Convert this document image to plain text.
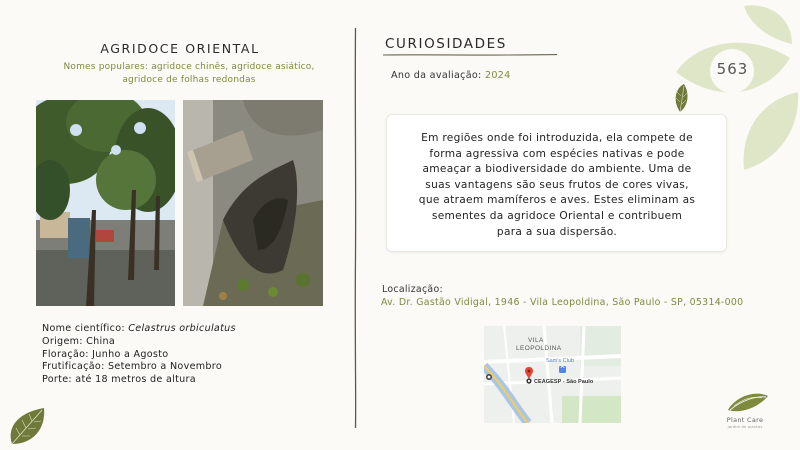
563
AGRIDOCE ORIENTAL
Nomes populares: agridoce chinês, agridoce asiático,
agridoce de folhas redondas
Nome científico: Celastrus orbiculatus
Origem: China
Floração: Junho a Agosto
Frutificação: Setembro a Novembro
Porte: até 18 metros de altura
CURIOSIDADES
Ano da avaliação: 2024
Em regiões onde foi introduzida, ela compete de
forma agressiva com espécies nativas e pode
ameaçar a biodiversidade do ambiente. Uma de
suas vantagens são seus frutos de cores vivas,
que atraem mamíferos e aves. Estes eliminam as
sementes da agridoce Oriental e contribuem
para a sua dispersão.
Localização:
Av. Dr. Gastão Vidigal, 1946 - Vila Leopoldina, São Paulo - SP, 05314-000
VILA
LEOPOLDINA
Sam's Club
CEAGESP - São Paulo
Plant Care
jardim de plantas
